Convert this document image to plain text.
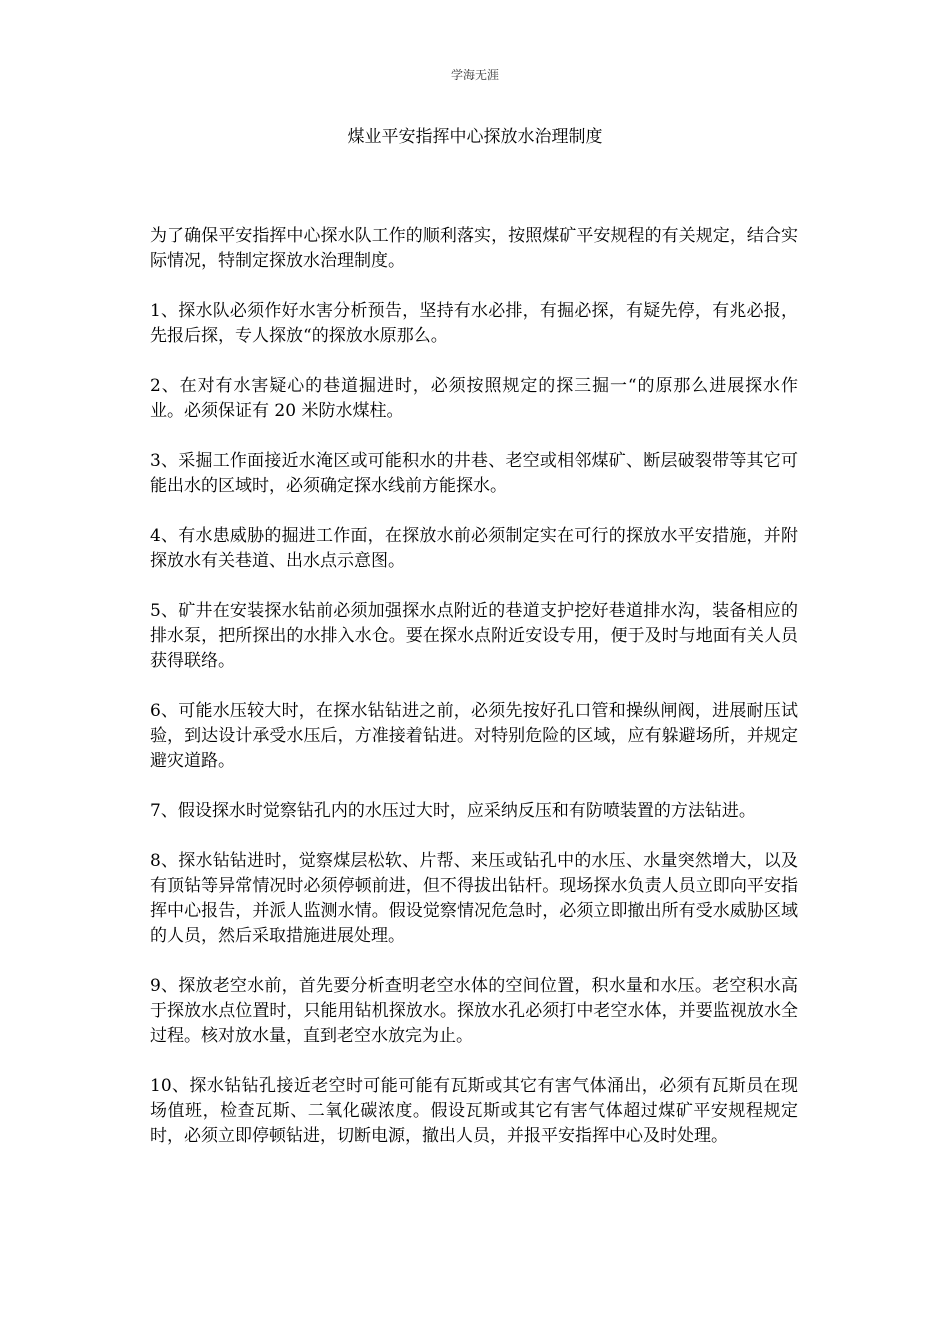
学海无涯
煤业平安指挥中心探放水治理制度

为了确保平安指挥中心探水队工作的顺利落实，按照煤矿平安规程的有关规定，结合实际情况，特制定探放水治理制度。

1、探水队必须作好水害分析预告，坚持有水必排，有掘必探，有疑先停，有兆必报，先报后探，专人探放“的探放水原那么。

2、在对有水害疑心的巷道掘进时，必须按照规定的探三掘一“的原那么进展探水作业。必须保证有 20 米防水煤柱。

3、采掘工作面接近水淹区或可能积水的井巷、老空或相邻煤矿、断层破裂带等其它可能出水的区域时，必须确定探水线前方能探水。

4、有水患威胁的掘进工作面，在探放水前必须制定实在可行的探放水平安措施，并附探放水有关巷道、出水点示意图。

5、矿井在安装探水钻前必须加强探水点附近的巷道支护挖好巷道排水沟，装备相应的排水泵，把所探出的水排入水仓。要在探水点附近安设专用，便于及时与地面有关人员获得联络。

6、可能水压较大时，在探水钻钻进之前，必须先按好孔口管和操纵闸阀，进展耐压试验，到达设计承受水压后，方准接着钻进。对特别危险的区域，应有躲避场所，并规定避灾道路。

7、假设探水时觉察钻孔内的水压过大时，应采纳反压和有防喷装置的方法钻进。

8、探水钻钻进时，觉察煤层松软、片帮、来压或钻孔中的水压、水量突然增大，以及有顶钻等异常情况时必须停顿前进，但不得拔出钻杆。现场探水负责人员立即向平安指挥中心报告，并派人监测水情。假设觉察情况危急时，必须立即撤出所有受水威胁区域的人员，然后采取措施进展处理。

9、探放老空水前，首先要分析查明老空水体的空间位置，积水量和水压。老空积水高于探放水点位置时，只能用钻机探放水。探放水孔必须打中老空水体，并要监视放水全过程。核对放水量，直到老空水放完为止。

10、探水钻钻孔接近老空时可能可能有瓦斯或其它有害气体涌出，必须有瓦斯员在现场值班，检查瓦斯、二氧化碳浓度。假设瓦斯或其它有害气体超过煤矿平安规程规定时，必须立即停顿钻进，切断电源，撤出人员，并报平安指挥中心及时处理。
